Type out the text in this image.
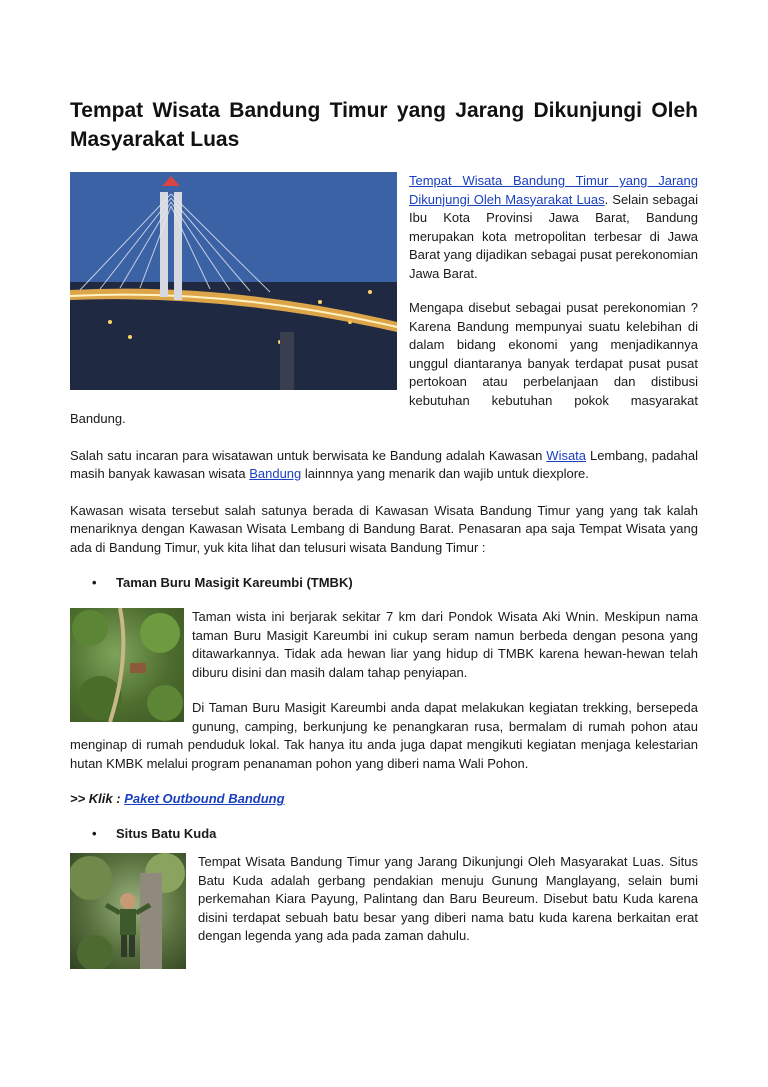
Tempat Wisata Bandung Timur yang Jarang Dikunjungi Oleh Masyarakat Luas

Tempat Wisata Bandung Timur yang Jarang Dikunjungi Oleh Masyarakat Luas. Selain sebagai Ibu Kota Provinsi Jawa Barat, Bandung merupakan kota metropolitan terbesar di Jawa Barat yang dijadikan sebagai pusat perekonomian Jawa Barat.

Mengapa disebut sebagai pusat perekonomian ? Karena Bandung mempunyai suatu kelebihan di dalam bidang ekonomi yang menjadikannya unggul diantaranya banyak terdapat pusat pusat pertokoan atau perbelanjaan dan distibusi kebutuhan kebutuhan pokok masyarakat Bandung.

Salah satu incaran para wisatawan untuk berwisata ke Bandung adalah Kawasan Wisata Lembang, padahal masih banyak kawasan wisata Bandung lainnnya yang menarik dan wajib untuk diexplore.

Kawasan wisata tersebut salah satunya berada di Kawasan Wisata Bandung Timur yang yang tak kalah menariknya dengan Kawasan Wisata Lembang di Bandung Barat. Penasaran apa saja Tempat Wisata yang ada di Bandung Timur, yuk kita lihat dan telusuri wisata Bandung Timur :

•	Taman Buru Masigit Kareumbi (TMBK)

Taman wista ini berjarak sekitar 7 km dari Pondok Wisata Aki Wnin. Meskipun nama taman Buru Masigit Kareumbi ini cukup seram namun berbeda dengan pesona yang ditawarkannya. Tidak ada hewan liar yang hidup di TMBK karena hewan-hewan telah diburu disini dan masih dalam tahap penyiapan.

Di Taman Buru Masigit Kareumbi anda dapat melakukan kegiatan trekking, bersepeda gunung, camping, berkunjung ke penangkaran rusa, bermalam di rumah pohon atau menginap di rumah penduduk lokal. Tak hanya itu anda juga dapat mengikuti kegiatan menjaga kelestarian hutan KMBK melalui program penanaman pohon yang diberi nama Wali Pohon.

>> Klik : Paket Outbound Bandung
•	Situs Batu Kuda

Tempat Wisata Bandung Timur yang Jarang Dikunjungi Oleh Masyarakat Luas. Situs Batu Kuda adalah gerbang pendakian menuju Gunung Manglayang, selain bumi perkemahan Kiara Payung, Palintang dan Baru Beureum. Disebut batu Kuda karena disini terdapat sebuah batu besar yang diberi nama batu kuda karena berkaitan erat dengan legenda yang ada pada zaman dahulu.
